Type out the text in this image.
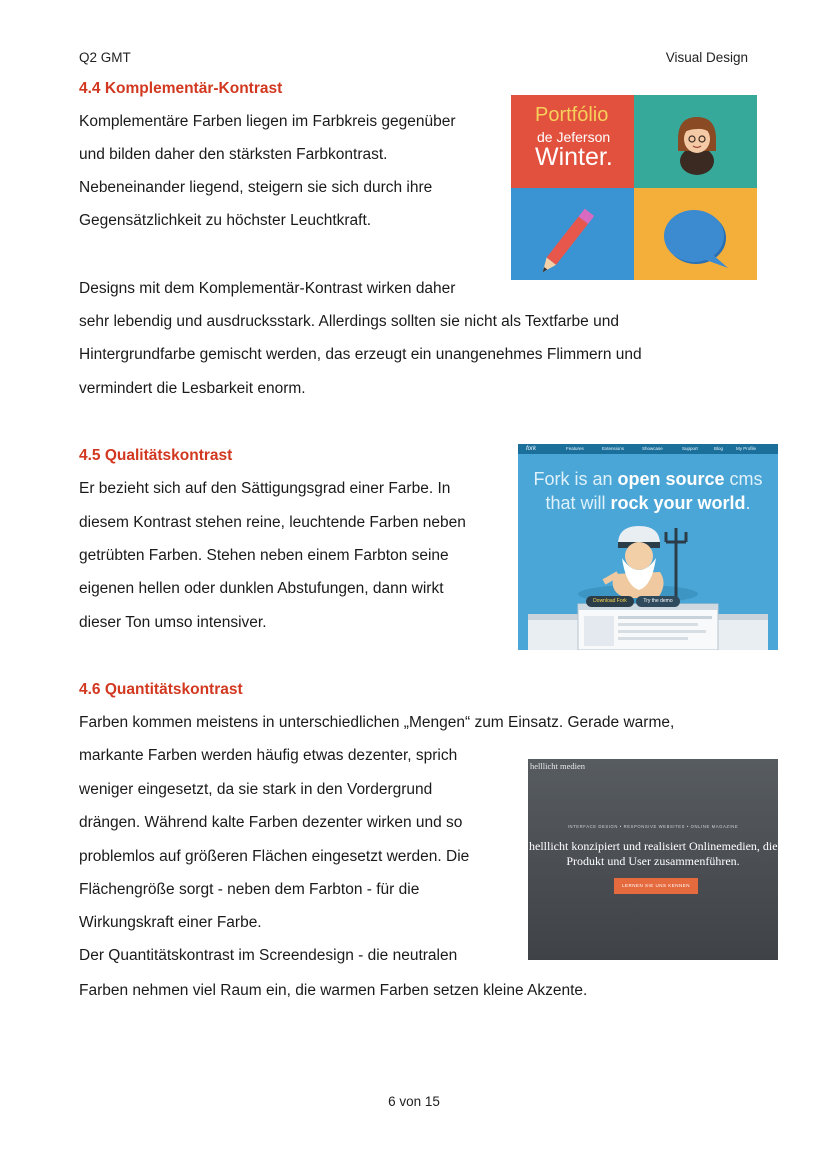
Q2 GMT	Visual Design
4.4 Komplementär-Kontrast
Komplementäre Farben liegen im Farbkreis gegenüber
und bilden daher den stärksten Farbkontrast.
Nebeneinander liegend, steigern sie sich durch ihre
Gegensätzlichkeit zu höchster Leuchtkraft.
Designs mit dem Komplementär-Kontrast wirken daher
sehr lebendig und ausdrucksstark. Allerdings sollten sie nicht als Textfarbe und
Hintergrundfarbe gemischt werden, das erzeugt ein unangenehmes Flimmern und
vermindert die Lesbarkeit enorm.
Portfólio
de Jeferson
Winter.
4.5 Qualitätskontrast
Er bezieht sich auf den Sättigungsgrad einer Farbe. In
diesem Kontrast stehen reine, leuchtende Farben neben
getrübten Farben. Stehen neben einem Farbton seine
eigenen hellen oder dunklen Abstufungen, dann wirkt
dieser Ton umso intensiver.
fork	Features	Extensions	Showcase	Support	Blog	My Profile
Fork is an open source cms
that will rock your world.
Download Fork	Try the demo
4.6 Quantitätskontrast
Farben kommen meistens in unterschiedlichen „Mengen“ zum Einsatz. Gerade warme,
markante Farben werden häufig etwas dezenter, sprich
weniger eingesetzt, da sie stark in den Vordergrund
drängen. Während kalte Farben dezenter wirken und so
problemlos auf größeren Flächen eingesetzt werden. Die
Flächengröße sorgt - neben dem Farbton - für die
Wirkungskraft einer Farbe.
Der Quantitätskontrast im Screendesign - die neutralen
Farben nehmen viel Raum ein, die warmen Farben setzen kleine Akzente.
helllicht medien
INTERFACE DESIGN • RESPONSIVE WEBSITES • ONLINE MAGAZINE
helllicht konzipiert und realisiert Onlinemedien, die
Produkt und User zusammenführen.
LERNEN SIE UNS KENNEN
6 von 15
